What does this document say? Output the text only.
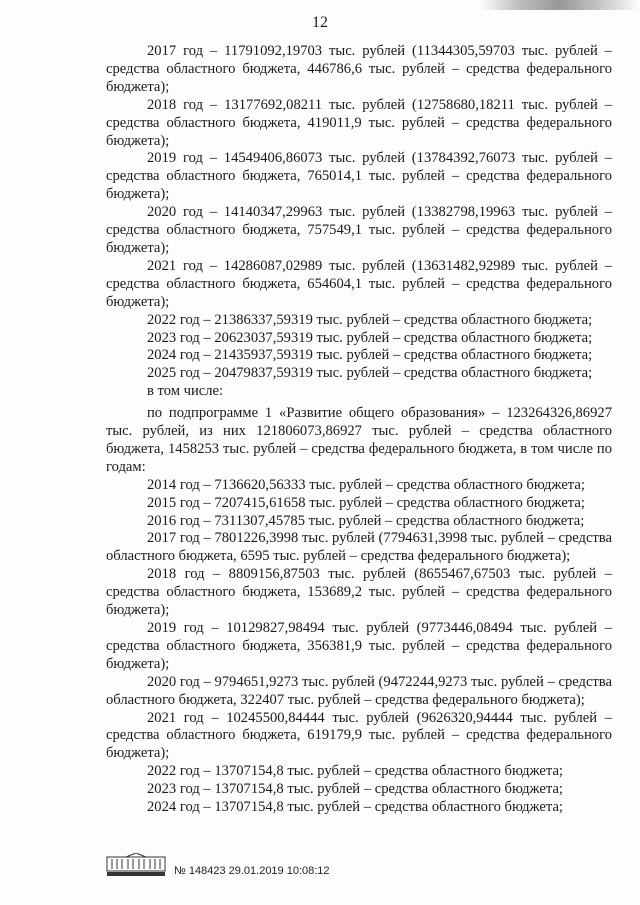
12

2017 год – 11791092,19703 тыс. рублей (11344305,59703 тыс. рублей – средства областного бюджета, 446786,6 тыс. рублей – средства федерального бюджета);

2018 год – 13177692,08211 тыс. рублей (12758680,18211 тыс. рублей – средства областного бюджета, 419011,9 тыс. рублей – средства федерального бюджета);

2019 год – 14549406,86073 тыс. рублей (13784392,76073 тыс. рублей – средства областного бюджета, 765014,1 тыс. рублей – средства федерального бюджета);

2020 год – 14140347,29963 тыс. рублей (13382798,19963 тыс. рублей – средства областного бюджета, 757549,1 тыс. рублей – средства федерального бюджета);

2021 год – 14286087,02989 тыс. рублей (13631482,92989 тыс. рублей – средства областного бюджета, 654604,1 тыс. рублей – средства федерального бюджета);

2022 год – 21386337,59319 тыс. рублей – средства областного бюджета;

2023 год – 20623037,59319 тыс. рублей – средства областного бюджета;

2024 год – 21435937,59319 тыс. рублей – средства областного бюджета;

2025 год – 20479837,59319 тыс. рублей – средства областного бюджета;

в том числе:

по подпрограмме 1 «Развитие общего образования» – 123264326,86927 тыс. рублей, из них 121806073,86927 тыс. рублей – средства областного бюджета, 1458253 тыс. рублей – средства федерального бюджета, в том числе по годам:

2014 год – 7136620,56333 тыс. рублей – средства областного бюджета;

2015 год – 7207415,61658 тыс. рублей – средства областного бюджета;

2016 год – 7311307,45785 тыс. рублей – средства областного бюджета;

2017 год – 7801226,3998 тыс. рублей (7794631,3998 тыс. рублей – средства областного бюджета, 6595 тыс. рублей – средства федерального бюджета);

2018 год – 8809156,87503 тыс. рублей (8655467,67503 тыс. рублей – средства областного бюджета, 153689,2 тыс. рублей – средства федерального бюджета);

2019 год – 10129827,98494 тыс. рублей (9773446,08494 тыс. рублей – средства областного бюджета, 356381,9 тыс. рублей – средства федерального бюджета);

2020 год – 9794651,9273 тыс. рублей (9472244,9273 тыс. рублей – средства областного бюджета, 322407 тыс. рублей – средства федерального бюджета);

2021 год – 10245500,84444 тыс. рублей (9626320,94444 тыс. рублей – средства областного бюджета, 619179,9 тыс. рублей – средства федерального бюджета);

2022 год – 13707154,8 тыс. рублей – средства областного бюджета;

2023 год – 13707154,8 тыс. рублей – средства областного бюджета;

2024 год – 13707154,8 тыс. рублей – средства областного бюджета;

№ 148423 29.01.2019 10:08:12
